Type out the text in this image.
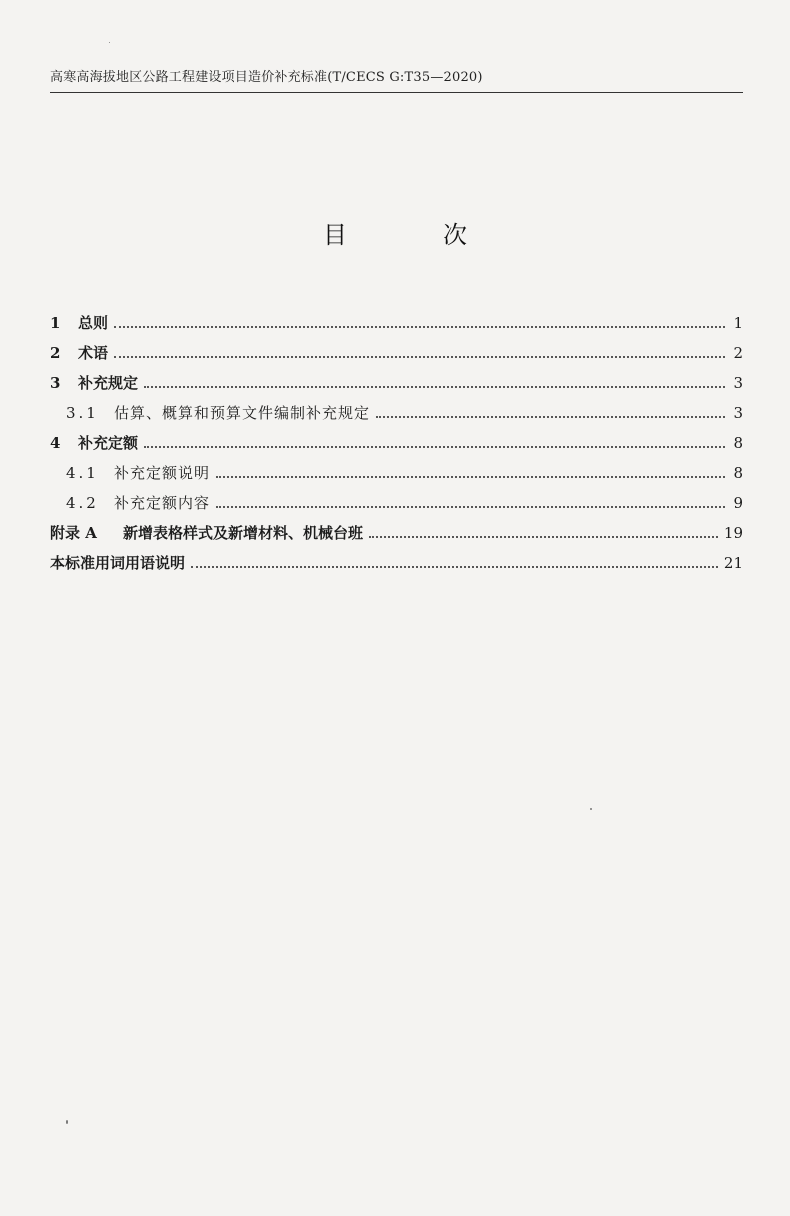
高寒高海拔地区公路工程建设项目造价补充标准(T/CECS G:T35—2020)
目　次
1	总则	1
2	术语	2
3	补充规定	3
3.1	估算、概算和预算文件编制补充规定	3
4	补充定额	8
4.1	补充定额说明	8
4.2	补充定额内容	9
附录 A	新增表格样式及新增材料、机械台班	19
本标准用词用语说明	21
